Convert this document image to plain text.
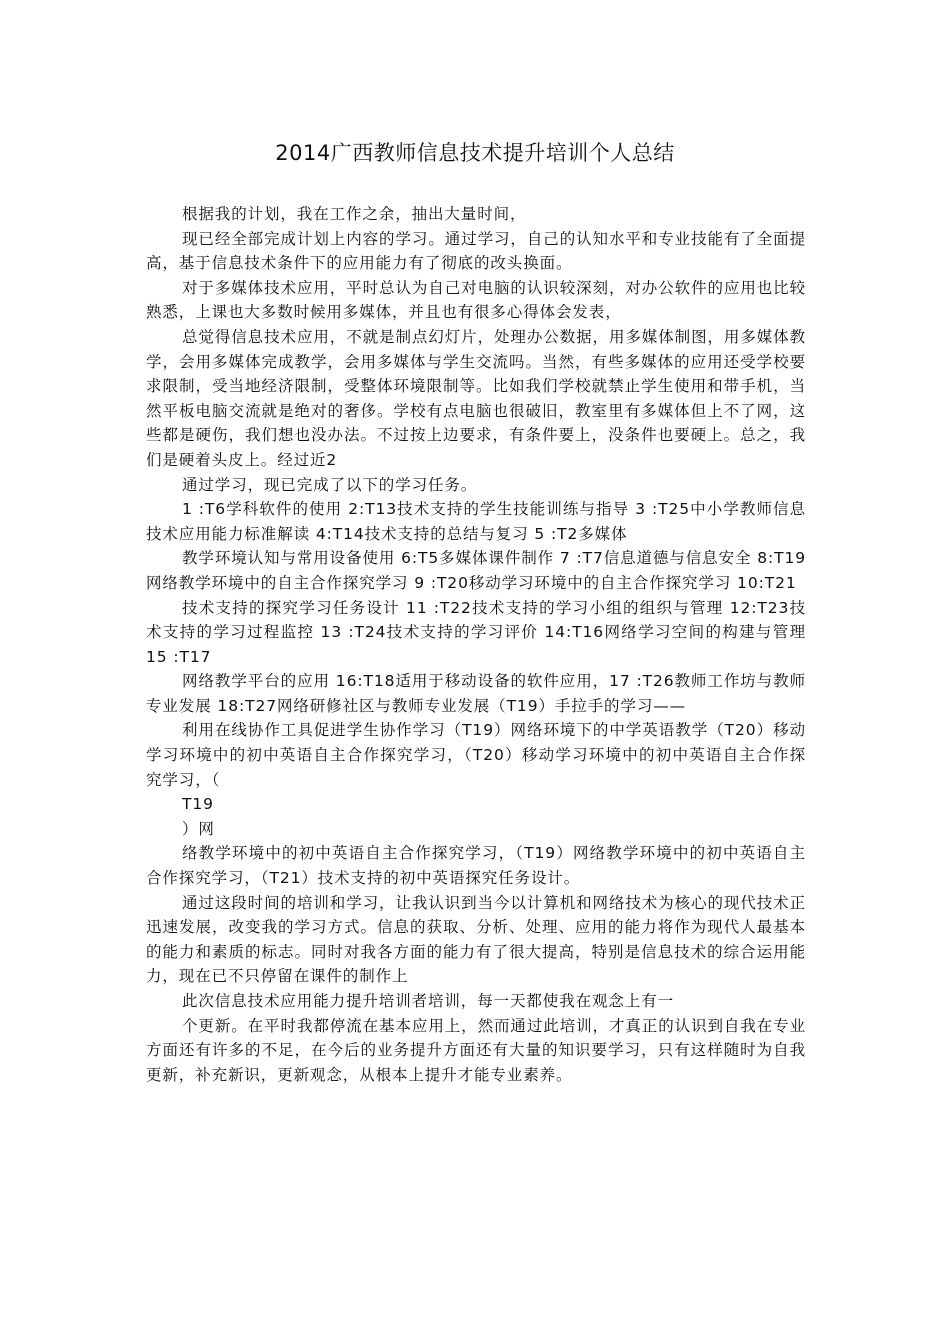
2014广西教师信息技术提升培训个人总结

根据我的计划，我在工作之余，抽出大量时间，

现已经全部完成计划上内容的学习。通过学习，自己的认知水平和专业技能有了全面提高，基于信息技术条件下的应用能力有了彻底的改头换面。

对于多媒体技术应用，平时总认为自己对电脑的认识较深刻，对办公软件的应用也比较熟悉，上课也大多数时候用多媒体，并且也有很多心得体会发表，

总觉得信息技术应用，不就是制点幻灯片，处理办公数据，用多媒体制图，用多媒体教学，会用多媒体完成教学，会用多媒体与学生交流吗。当然，有些多媒体的应用还受学校要求限制，受当地经济限制，受整体环境限制等。比如我们学校就禁止学生使用和带手机，当然平板电脑交流就是绝对的奢侈。学校有点电脑也很破旧，教室里有多媒体但上不了网，这些都是硬伤，我们想也没办法。不过按上边要求，有条件要上，没条件也要硬上。总之，我们是硬着头皮上。经过近2

通过学习，现已完成了以下的学习任务。

1 :T6学科软件的使用 2:T13技术支持的学生技能训练与指导 3 :T25中小学教师信息技术应用能力标准解读 4:T14技术支持的总结与复习 5 :T2多媒体

教学环境认知与常用设备使用 6:T5多媒体课件制作 7 :T7信息道德与信息安全 8:T19网络教学环境中的自主合作探究学习 9 :T20移动学习环境中的自主合作探究学习 10:T21

技术支持的探究学习任务设计 11 :T22技术支持的学习小组的组织与管理 12:T23技术支持的学习过程监控 13 :T24技术支持的学习评价 14:T16网络学习空间的构建与管理 15 :T17

网络教学平台的应用 16:T18适用于移动设备的软件应用，17 :T26教师工作坊与教师专业发展 18:T27网络研修社区与教师专业发展（T19）手拉手的学习——

利用在线协作工具促进学生协作学习（T19）网络环境下的中学英语教学（T20）移动学习环境中的初中英语自主合作探究学习，（T20）移动学习环境中的初中英语自主合作探究学习，（

T19

）网

络教学环境中的初中英语自主合作探究学习，（T19）网络教学环境中的初中英语自主合作探究学习，（T21）技术支持的初中英语探究任务设计。

通过这段时间的培训和学习，让我认识到当今以计算机和网络技术为核心的现代技术正迅速发展，改变我的学习方式。信息的获取、分析、处理、应用的能力将作为现代人最基本的能力和素质的标志。同时对我各方面的能力有了很大提高，特别是信息技术的综合运用能力，现在已不只停留在课件的制作上

此次信息技术应用能力提升培训者培训，每一天都使我在观念上有一

个更新。在平时我都停流在基本应用上，然而通过此培训，才真正的认识到自我在专业方面还有许多的不足，在今后的业务提升方面还有大量的知识要学习，只有这样随时为自我更新，补充新识，更新观念，从根本上提升才能专业素养。
